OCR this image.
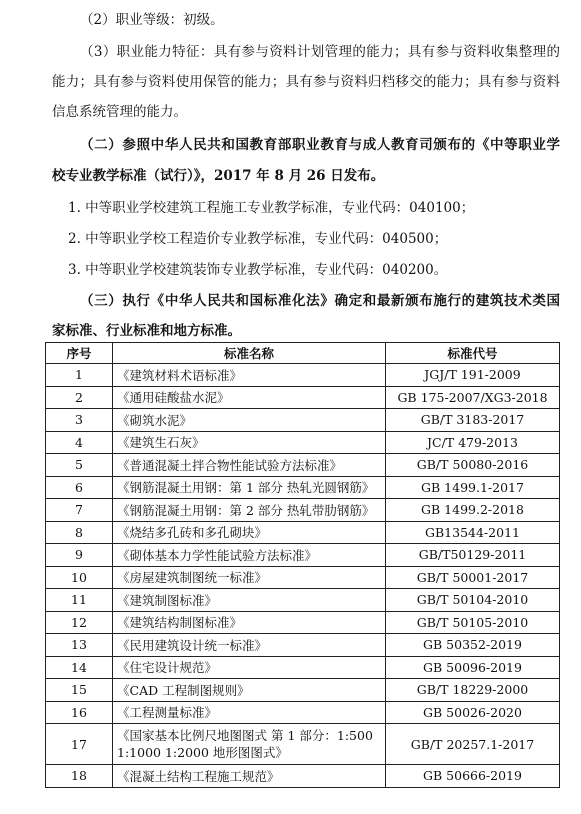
（2）职业等级：初级。
（3）职业能力特征：具有参与资料计划管理的能力；具有参与资料收集整理的
能力；具有参与资料使用保管的能力；具有参与资料归档移交的能力；具有参与资料
信息系统管理的能力。
（二）参照中华人民共和国教育部职业教育与成人教育司颁布的《中等职业学
校专业教学标准（试行）》，2017 年 8 月 26 日发布。
1. 中等职业学校建筑工程施工专业教学标准，专业代码：040100；
2. 中等职业学校工程造价专业教学标准，专业代码：040500；
3. 中等职业学校建筑装饰专业教学标准，专业代码：040200。
（三）执行《中华人民共和国标准化法》确定和最新颁布施行的建筑技术类国
家标准、行业标准和地方标准。
序号	标准名称	标准代号
1	《建筑材料术语标准》	JGJ/T 191-2009
2	《通用硅酸盐水泥》	GB 175-2007/XG3-2018
3	《砌筑水泥》	GB/T 3183-2017
4	《建筑生石灰》	JC/T 479-2013
5	《普通混凝土拌合物性能试验方法标准》	GB/T 50080-2016
6	《钢筋混凝土用钢：第 1 部分 热轧光圆钢筋》	GB 1499.1-2017
7	《钢筋混凝土用钢：第 2 部分 热轧带肋钢筋》	GB 1499.2-2018
8	《烧结多孔砖和多孔砌块》	GB13544-2011
9	《砌体基本力学性能试验方法标准》	GB/T50129-2011
10	《房屋建筑制图统一标准》	GB/T 50001-2017
11	《建筑制图标准》	GB/T 50104-2010
12	《建筑结构制图标准》	GB/T 50105-2010
13	《民用建筑设计统一标准》	GB 50352-2019
14	《住宅设计规范》	GB 50096-2019
15	《CAD 工程制图规则》	GB/T 18229-2000
16	《工程测量标准》	GB 50026-2020
17	《国家基本比例尺地图图式 第 1 部分：1:500 1:1000 1:2000 地形图图式》	GB/T 20257.1-2017
18	《混凝土结构工程施工规范》	GB 50666-2019
